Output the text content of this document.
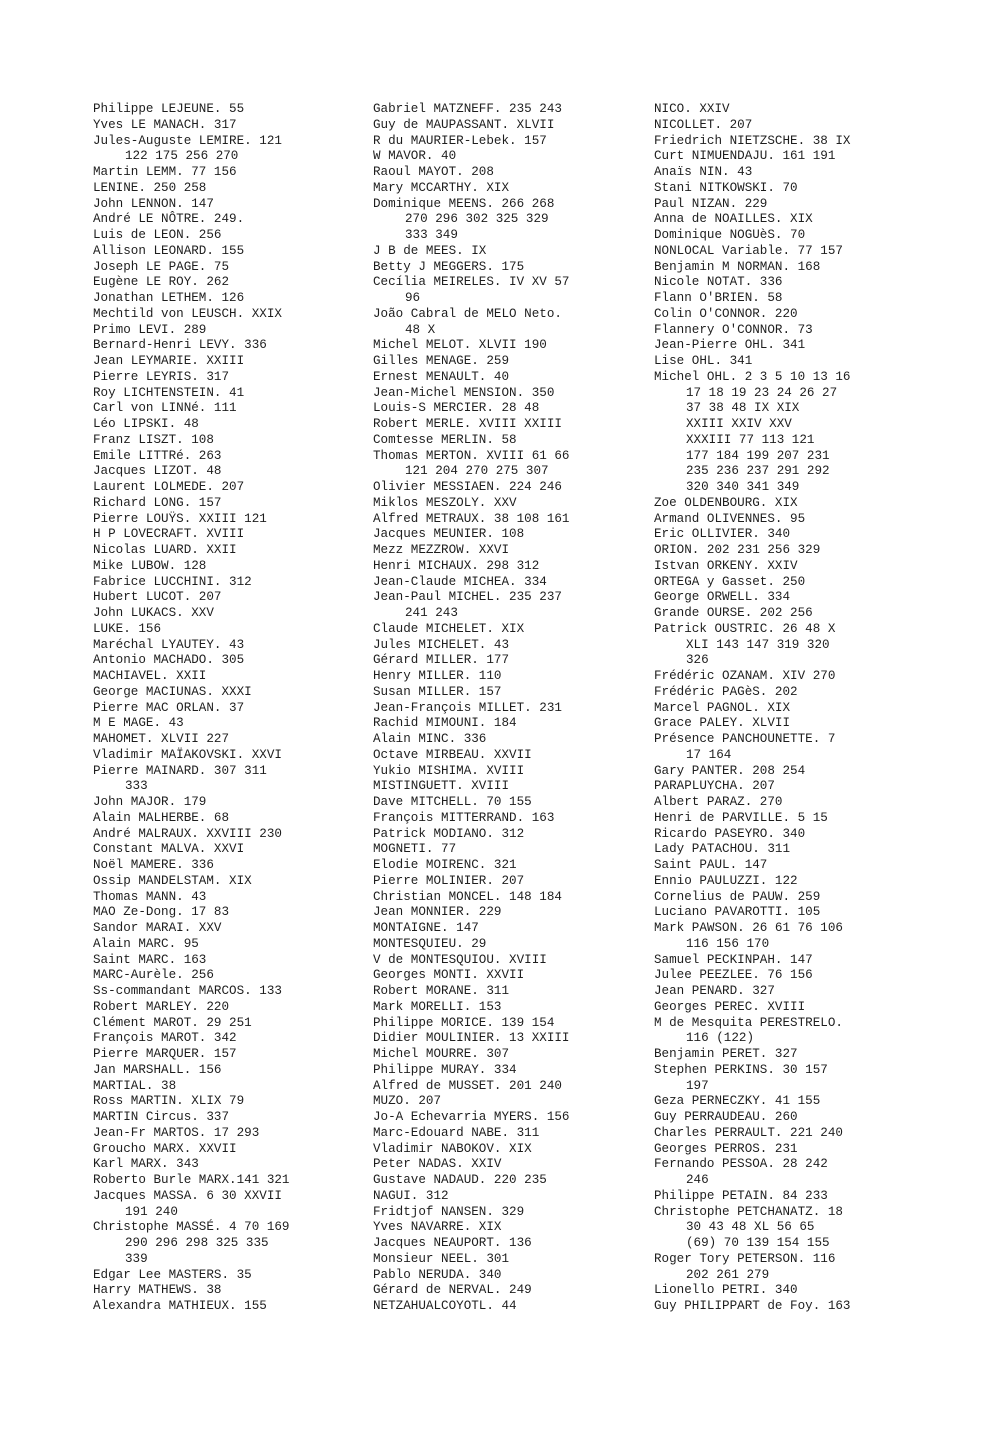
Philippe LEJEUNE. 55
Yves LE MANACH. 317
Jules-Auguste LEMIRE. 121
122 175 256 270
Martin LEMM. 77 156
LENINE. 250 258
John LENNON. 147
André LE NÔTRE. 249.
Luis de LEON. 256
Allison LEONARD. 155
Joseph LE PAGE. 75
Eugène LE ROY. 262
Jonathan LETHEM. 126
Mechtild von LEUSCH. XXIX
Primo LEVI. 289
Bernard-Henri LEVY. 336
Jean LEYMARIE. XXIII
Pierre LEYRIS. 317
Roy LICHTENSTEIN. 41
Carl von LINNé. 111
Léo LIPSKI. 48
Franz LISZT. 108
Emile LITTRé. 263
Jacques LIZOT. 48
Laurent LOLMEDE. 207
Richard LONG. 157
Pierre LOUŸS. XXIII 121
H P LOVECRAFT. XVIII
Nicolas LUARD. XXII
Mike LUBOW. 128
Fabrice LUCCHINI. 312
Hubert LUCOT. 207
John LUKACS. XXV
LUKE. 156
Maréchal LYAUTEY. 43
Antonio MACHADO. 305
MACHIAVEL. XXII
George MACIUNAS. XXXI
Pierre MAC ORLAN. 37
M E MAGE. 43
MAHOMET. XLVII 227
Vladimir MAÏAKOVSKI. XXVI
Pierre MAINARD. 307 311
333
John MAJOR. 179
Alain MALHERBE. 68
André MALRAUX. XXVIII 230
Constant MALVA. XXVI
Noël MAMERE. 336
Ossip MANDELSTAM. XIX
Thomas MANN. 43
MAO Ze-Dong. 17 83
Sandor MARAI. XXV
Alain MARC. 95
Saint MARC. 163
MARC-Aurèle. 256
Ss-commandant MARCOS. 133
Robert MARLEY. 220
Clément MAROT. 29 251
François MAROT. 342
Pierre MARQUER. 157
Jan MARSHALL. 156
MARTIAL. 38
Ross MARTIN. XLIX 79
MARTIN Circus. 337
Jean-Fr MARTOS. 17 293
Groucho MARX. XXVII
Karl MARX. 343
Roberto Burle MARX.141 321
Jacques MASSA. 6 30 XXVII
191 240
Christophe MASSÉ. 4 70 169
290 296 298 325 335
339
Edgar Lee MASTERS. 35
Harry MATHEWS. 38
Alexandra MATHIEUX. 155
Gabriel MATZNEFF. 235 243
Guy de MAUPASSANT. XLVII
R du MAURIER-Lebek. 157
W MAVOR. 40
Raoul MAYOT. 208
Mary MCCARTHY. XIX
Dominique MEENS. 266 268
270 296 302 325 329
333 349
J B de MEES. IX
Betty J MEGGERS. 175
Cecília MEIRELES. IV XV 57
96
João Cabral de MELO Neto.
48 X
Michel MELOT. XLVII 190
Gilles MENAGE. 259
Ernest MENAULT. 40
Jean-Michel MENSION. 350
Louis-S MERCIER. 28 48
Robert MERLE. XVIII XXIII
Comtesse MERLIN. 58
Thomas MERTON. XVIII 61 66
121 204 270 275 307
Olivier MESSIAEN. 224 246
Miklos MESZOLY. XXV
Alfred METRAUX. 38 108 161
Jacques MEUNIER. 108
Mezz MEZZROW. XXVI
Henri MICHAUX. 298 312
Jean-Claude MICHEA. 334
Jean-Paul MICHEL. 235 237
241 243
Claude MICHELET. XIX
Jules MICHELET. 43
Gérard MILLER. 177
Henry MILLER. 110
Susan MILLER. 157
Jean-François MILLET. 231
Rachid MIMOUNI. 184
Alain MINC. 336
Octave MIRBEAU. XXVII
Yukio MISHIMA. XVIII
MISTINGUETT. XVIII
Dave MITCHELL. 70 155
François MITTERRAND. 163
Patrick MODIANO. 312
MOGNETI. 77
Elodie MOIRENC. 321
Pierre MOLINIER. 207
Christian MONCEL. 148 184
Jean MONNIER. 229
MONTAIGNE. 147
MONTESQUIEU. 29
V de MONTESQUIOU. XVIII
Georges MONTI. XXVII
Robert MORANE. 311
Mark MORELLI. 153
Philippe MORICE. 139 154
Didier MOULINIER. 13 XXIII
Michel MOURRE. 307
Philippe MURAY. 334
Alfred de MUSSET. 201 240
MUZO. 207
Jo-A Echevarria MYERS. 156
Marc-Edouard NABE. 311
Vladimir NABOKOV. XIX
Peter NADAS. XXIV
Gustave NADAUD. 220 235
NAGUI. 312
Fridtjof NANSEN. 329
Yves NAVARRE. XIX
Jacques NEAUPORT. 136
Monsieur NEEL. 301
Pablo NERUDA. 340
Gérard de NERVAL. 249
NETZAHUALCOYOTL. 44
NICO. XXIV
NICOLLET. 207
Friedrich NIETZSCHE. 38 IX
Curt NIMUENDAJU. 161 191
Anaïs NIN. 43
Stani NITKOWSKI. 70
Paul NIZAN. 229
Anna de NOAILLES. XIX
Dominique NOGUèS. 70
NONLOCAL Variable. 77 157
Benjamin M NORMAN. 168
Nicole NOTAT. 336
Flann O'BRIEN. 58
Colin O'CONNOR. 220
Flannery O'CONNOR. 73
Jean-Pierre OHL. 341
Lise OHL. 341
Michel OHL. 2 3 5 10 13 16
17 18 19 23 24 26 27
37 38 48 IX XIX
XXIII XXIV XXV
XXXIII 77 113 121
177 184 199 207 231
235 236 237 291 292
320 340 341 349
Zoe OLDENBOURG. XIX
Armand OLIVENNES. 95
Eric OLLIVIER. 340
ORION. 202 231 256 329
Istvan ORKENY. XXIV
ORTEGA y Gasset. 250
George ORWELL. 334
Grande OURSE. 202 256
Patrick OUSTRIC. 26 48 X
XLI 143 147 319 320
326
Frédéric OZANAM. XIV 270
Frédéric PAGèS. 202
Marcel PAGNOL. XIX
Grace PALEY. XLVII
Présence PANCHOUNETTE. 7
17 164
Gary PANTER. 208 254
PARAPLUYCHA. 207
Albert PARAZ. 270
Henri de PARVILLE. 5 15
Ricardo PASEYRO. 340
Lady PATACHOU. 311
Saint PAUL. 147
Ennio PAULUZZI. 122
Cornelius de PAUW. 259
Luciano PAVAROTTI. 105
Mark PAWSON. 26 61 76 106
116 156 170
Samuel PECKINPAH. 147
Julee PEEZLEE. 76 156
Jean PENARD. 327
Georges PEREC. XVIII
M de Mesquita PERESTRELO.
116 (122)
Benjamin PERET. 327
Stephen PERKINS. 30 157
197
Geza PERNECZKY. 41 155
Guy PERRAUDEAU. 260
Charles PERRAULT. 221 240
Georges PERROS. 231
Fernando PESSOA. 28 242
246
Philippe PETAIN. 84 233
Christophe PETCHANATZ. 18
30 43 48 XL 56 65
(69) 70 139 154 155
Roger Tory PETERSON. 116
202 261 279
Lionello PETRI. 340
Guy PHILIPPART de Foy. 163
